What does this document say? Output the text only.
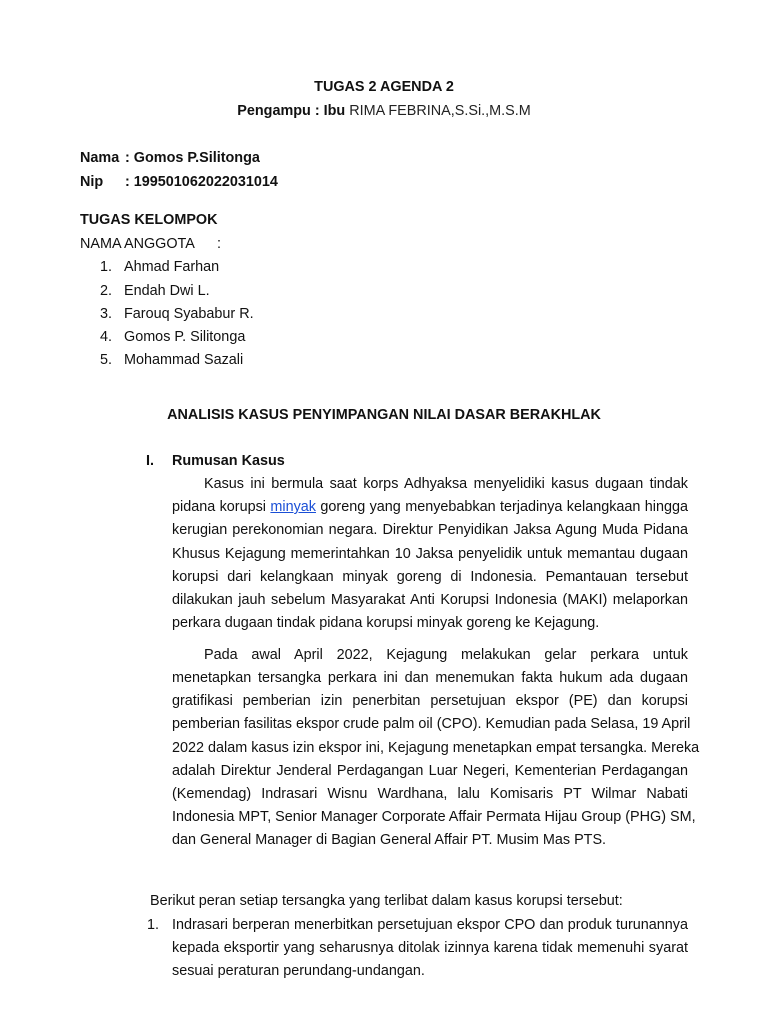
TUGAS 2 AGENDA 2
Pengampu : Ibu RIMA FEBRINA,S.Si.,M.S.M
Nama : Gomos P.Silitonga
Nip : 199501062022031014
TUGAS KELOMPOK
NAMA ANGGOTA :
1. Ahmad Farhan
2. Endah Dwi L.
3. Farouq Syababur R.
4. Gomos P. Silitonga
5. Mohammad Sazali
ANALISIS KASUS PENYIMPANGAN NILAI DASAR BERAKHLAK
I. Rumusan Kasus
Kasus ini bermula saat korps Adhyaksa menyelidiki kasus dugaan tindak
pidana korupsi minyak goreng yang menyebabkan terjadinya kelangkaan hingga
kerugian perekonomian negara. Direktur Penyidikan Jaksa Agung Muda Pidana
Khusus Kejagung memerintahkan 10 Jaksa penyelidik untuk memantau dugaan
korupsi dari kelangkaan minyak goreng di Indonesia. Pemantauan tersebut
dilakukan jauh sebelum Masyarakat Anti Korupsi Indonesia (MAKI) melaporkan
perkara dugaan tindak pidana korupsi minyak goreng ke Kejagung.
Pada awal April 2022, Kejagung melakukan gelar perkara untuk
menetapkan tersangka perkara ini dan menemukan fakta hukum ada dugaan
gratifikasi pemberian izin penerbitan persetujuan ekspor (PE) dan korupsi
pemberian fasilitas ekspor crude palm oil (CPO). Kemudian pada Selasa, 19 April
2022 dalam kasus izin ekspor ini, Kejagung menetapkan empat tersangka. Mereka
adalah Direktur Jenderal Perdagangan Luar Negeri, Kementerian Perdagangan
(Kemendag) Indrasari Wisnu Wardhana, lalu Komisaris PT Wilmar Nabati
Indonesia MPT, Senior Manager Corporate Affair Permata Hijau Group (PHG) SM,
dan General Manager di Bagian General Affair PT. Musim Mas PTS.
Berikut peran setiap tersangka yang terlibat dalam kasus korupsi tersebut:
1. Indrasari berperan menerbitkan persetujuan ekspor CPO dan produk turunannya
kepada eksportir yang seharusnya ditolak izinnya karena tidak memenuhi syarat
sesuai peraturan perundang-undangan.
